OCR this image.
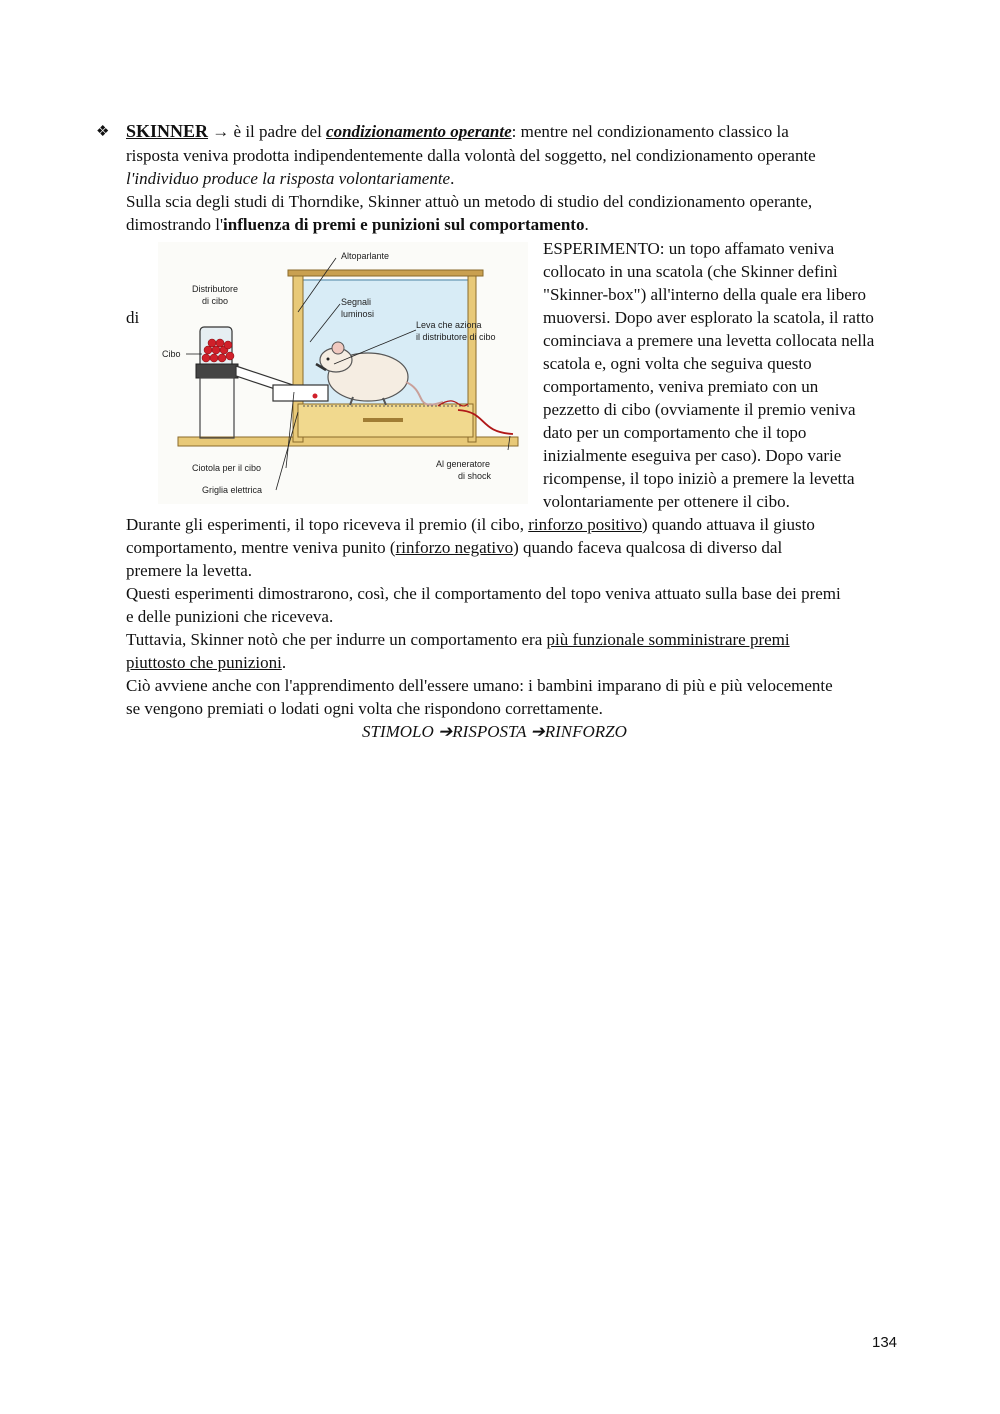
❖ SKINNER → è il padre del condizionamento operante: mentre nel condizionamento classico la
risposta veniva prodotta indipendentemente dalla volontà del soggetto, nel condizionamento operante
l'individuo produce la risposta volontariamente.
Sulla scia degli studi di Thorndike, Skinner attuò un metodo di studio del condizionamento operante,
dimostrando l'influenza di premi e punizioni sul comportamento.
di
Altoparlante
Distributore
di cibo	Segnali
luminosi
Leva che aziona
il distributore di cibo
Cibo
Ciotola per il cibo	Al generatore
di shock
Griglia elettrica
ESPERIMENTO: un topo affamato veniva
collocato in una scatola (che Skinner definì
"Skinner-box") all'interno della quale era libero
muoversi. Dopo aver esplorato la scatola, il ratto
cominciava a premere una levetta collocata nella
scatola e, ogni volta che seguiva questo
comportamento, veniva premiato con un
pezzetto di cibo (ovviamente il premio veniva
dato per un comportamento che il topo
inizialmente eseguiva per caso). Dopo varie
ricompense, il topo iniziò a premere la levetta
volontariamente per ottenere il cibo.
Durante gli esperimenti, il topo riceveva il premio (il cibo, rinforzo positivo) quando attuava il giusto
comportamento, mentre veniva punito (rinforzo negativo) quando faceva qualcosa di diverso dal
premere la levetta.
Questi esperimenti dimostrarono, così, che il comportamento del topo veniva attuato sulla base dei premi
e delle punizioni che riceveva.
Tuttavia, Skinner notò che per indurre un comportamento era più funzionale somministrare premi
piuttosto che punizioni.
Ciò avviene anche con l'apprendimento dell'essere umano: i bambini imparano di più e più velocemente
se vengono premiati o lodati ogni volta che rispondono correttamente.
STIMOLO ➔RISPOSTA ➔RINFORZO
134
